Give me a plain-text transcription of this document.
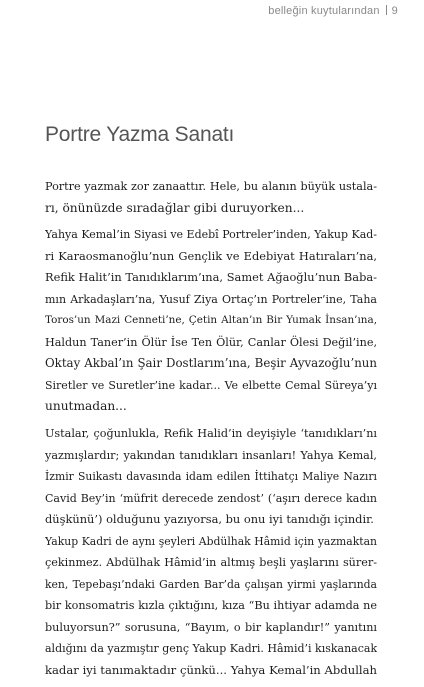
belleğin kuytularından 9
Portre Yazma Sanatı
Portre yazmak zor zanaattır. Hele, bu alanın büyük ustala-
rı, önünüzde sıradağlar gibi duruyorken...
Yahya Kemal’in Siyasi ve Edebî Portreler’inden, Yakup Kad-
ri Karaosmanoğlu’nun Gençlik ve Edebiyat Hatıraları’na,
Refik Halit’in Tanıdıklarım’ına, Samet Ağaoğlu’nun Baba-
mın Arkadaşları’na, Yusuf Ziya Ortaç’ın Portreler’ine, Taha
Toros’un Mazi Cenneti’ne, Çetin Altan’ın Bir Yumak İnsan’ına,
Haldun Taner’in Ölür İse Ten Ölür, Canlar Ölesi Değil’ine,
Oktay Akbal’ın Şair Dostlarım’ına, Beşir Ayvazoğlu’nun
Siretler ve Suretler’ine kadar... Ve elbette Cemal Süreya’yı
unutmadan...
Ustalar, çoğunlukla, Refik Halid’in deyişiyle ‘tanıdıkları’nı
yazmışlardır; yakından tanıdıkları insanları! Yahya Kemal,
İzmir Suikastı davasında idam edilen İttihatçı Maliye Nazırı
Cavid Bey’in ‘müfrit derecede zendost’ (‘aşırı derece kadın
düşkünü’) olduğunu yazıyorsa, bu onu iyi tanıdığı içindir.
Yakup Kadri de aynı şeyleri Abdülhak Hâmid için yazmaktan
çekinmez. Abdülhak Hâmid’in altmış beşli yaşlarını sürer-
ken, Tepebaşı’ndaki Garden Bar’da çalışan yirmi yaşlarında
bir konsomatris kızla çıktığını, kıza “Bu ihtiyar adamda ne
buluyorsun?” sorusuna, “Bayım, o bir kaplandır!” yanıtını
aldığını da yazmıştır genç Yakup Kadri. Hâmid’i kıskanacak
kadar iyi tanımaktadır çünkü... Yahya Kemal’in Abdullah
